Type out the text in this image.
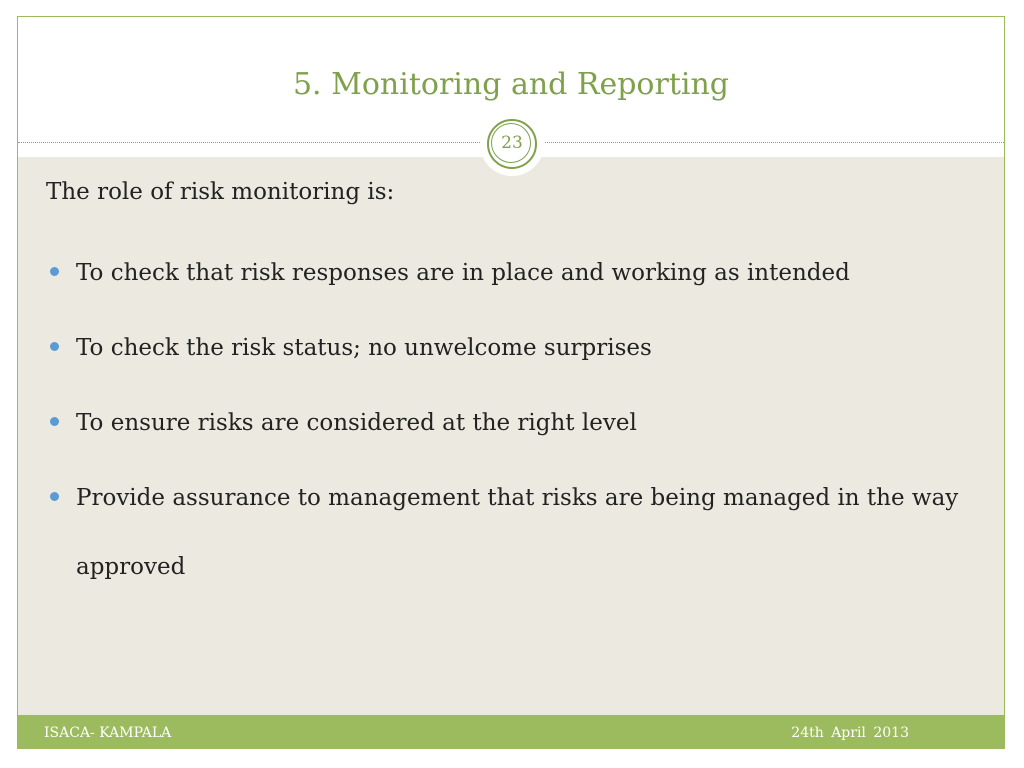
5. Monitoring and Reporting
23

The role of risk monitoring is:

To check that risk responses are in place and working as intended
To check the risk status; no unwelcome surprises
To ensure risks are considered at the right level
Provide assurance to management that risks are being managed in the way approved
ISACA- KAMPALA	24th April 2013
